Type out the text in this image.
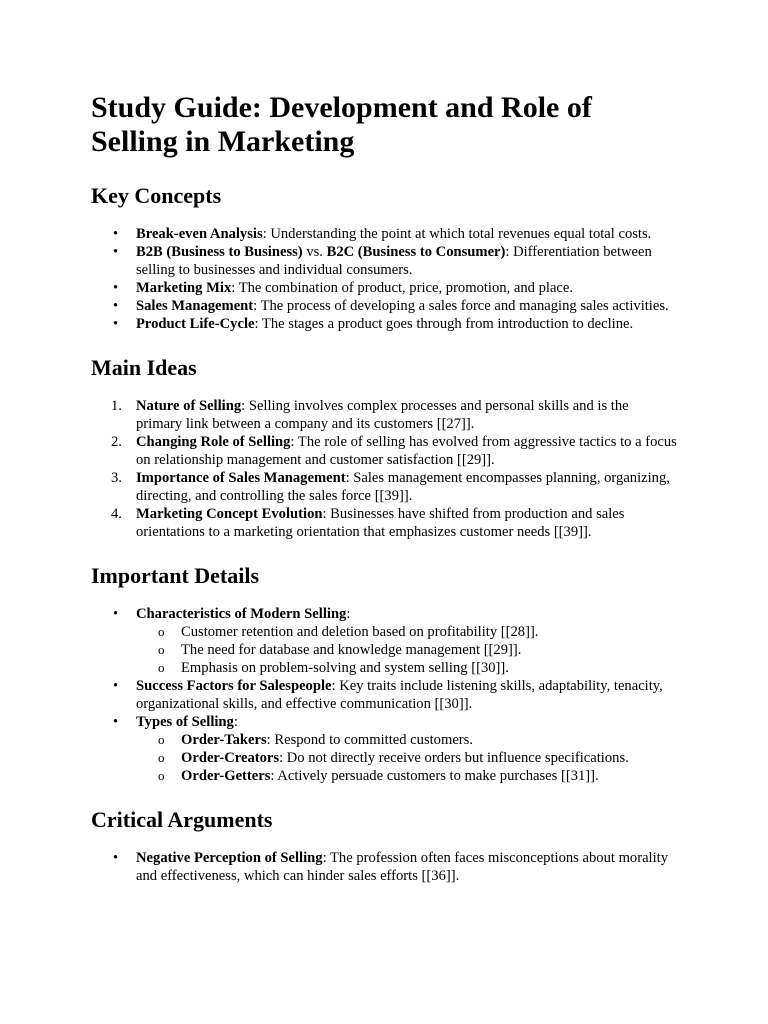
Study Guide: Development and Role of Selling in Marketing
Key Concepts
• Break-even Analysis: Understanding the point at which total revenues equal total costs.
• B2B (Business to Business) vs. B2C (Business to Consumer): Differentiation between selling to businesses and individual consumers.
• Marketing Mix: The combination of product, price, promotion, and place.
• Sales Management: The process of developing a sales force and managing sales activities.
• Product Life-Cycle: The stages a product goes through from introduction to decline.
Main Ideas
1. Nature of Selling: Selling involves complex processes and personal skills and is the primary link between a company and its customers [[27]].
2. Changing Role of Selling: The role of selling has evolved from aggressive tactics to a focus on relationship management and customer satisfaction [[29]].
3. Importance of Sales Management: Sales management encompasses planning, organizing, directing, and controlling the sales force [[39]].
4. Marketing Concept Evolution: Businesses have shifted from production and sales orientations to a marketing orientation that emphasizes customer needs [[39]].
Important Details
• Characteristics of Modern Selling:
o Customer retention and deletion based on profitability [[28]].
o The need for database and knowledge management [[29]].
o Emphasis on problem-solving and system selling [[30]].
• Success Factors for Salespeople: Key traits include listening skills, adaptability, tenacity, organizational skills, and effective communication [[30]].
• Types of Selling:
o Order-Takers: Respond to committed customers.
o Order-Creators: Do not directly receive orders but influence specifications.
o Order-Getters: Actively persuade customers to make purchases [[31]].
Critical Arguments
• Negative Perception of Selling: The profession often faces misconceptions about morality and effectiveness, which can hinder sales efforts [[36]].
